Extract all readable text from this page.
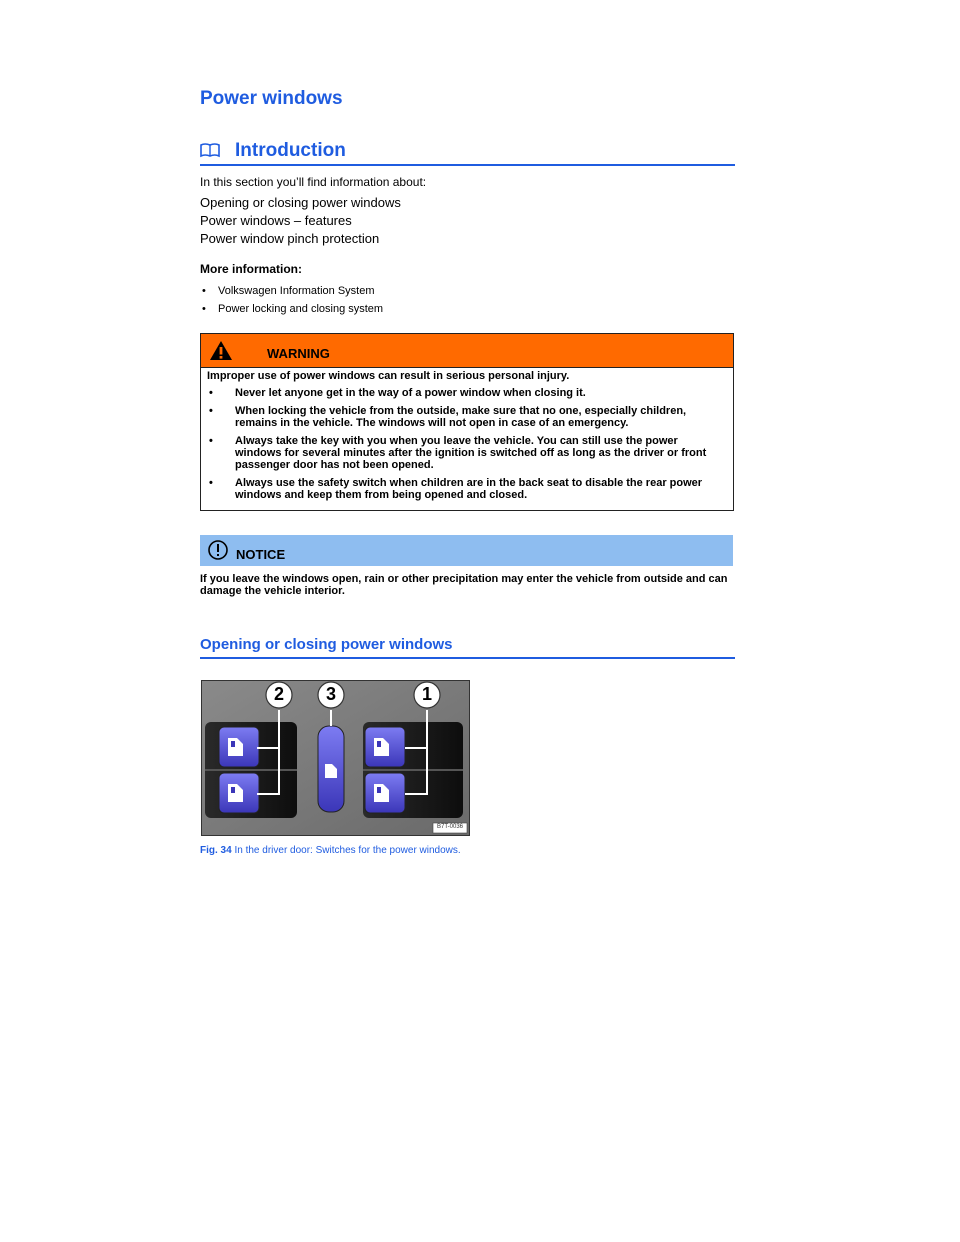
Power windows
Introduction
In this section you’ll find information about:
Opening or closing power windows
Power windows – features
Power window pinch protection
More information:
• Volkswagen Information System
• Power locking and closing system
WARNING

Improper use of power windows can result in serious personal injury.

• Never let anyone get in the way of a power window when closing it.
• When locking the vehicle from the outside, make sure that no one, especially children, remains in the vehicle. The windows will not open in case of an emergency.
• Always take the key with you when you leave the vehicle. You can still use the power windows for several minutes after the ignition is switched off as long as the driver or front passenger door has not been opened.
• Always use the safety switch when children are in the back seat to disable the rear power windows and keep them from being opened and closed.
NOTICE
If you leave the windows open, rain or other precipitation may enter the vehicle from outside and can damage the vehicle interior.
Opening or closing power windows
2 3	1
B7T-0036
Fig. 34 In the driver door: Switches for the power windows.
